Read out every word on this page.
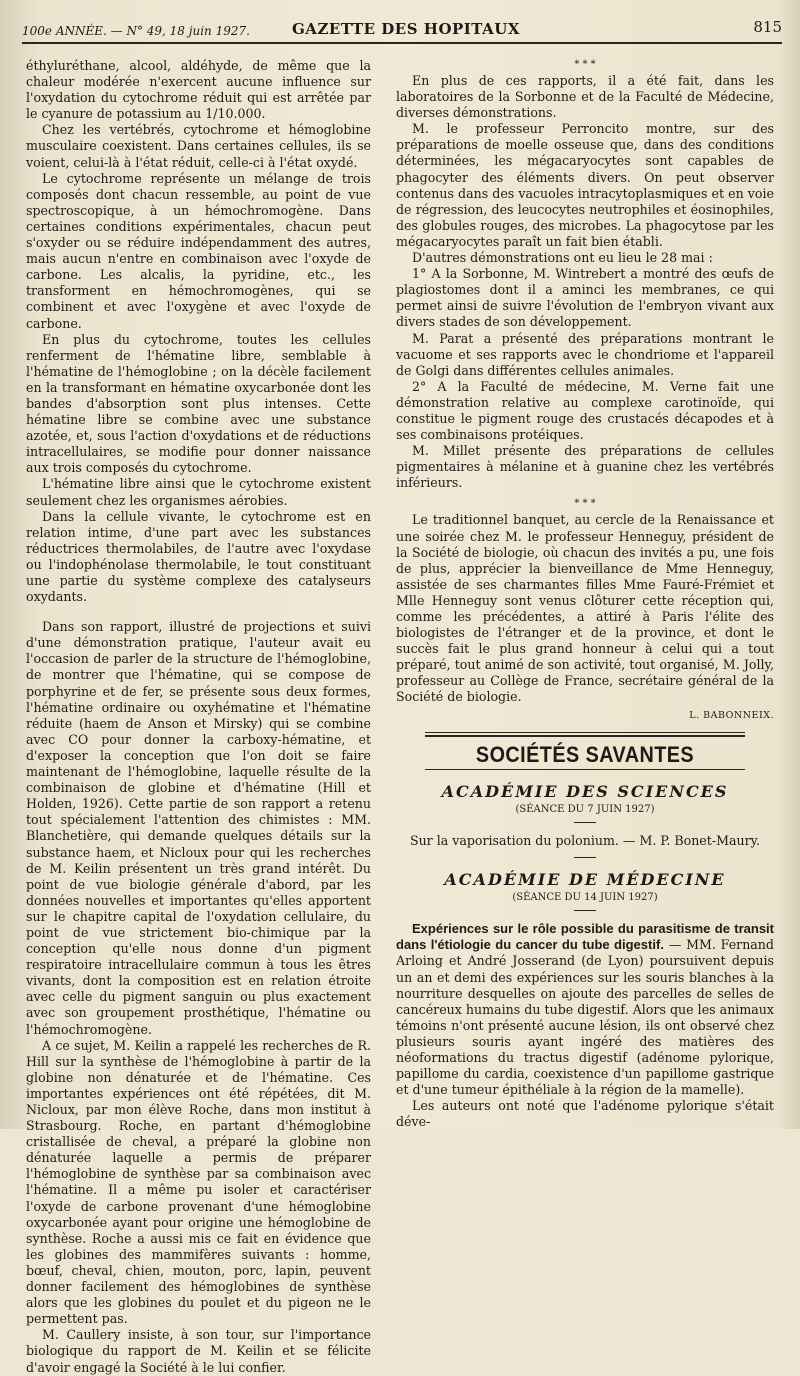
100e ANNÉE. — N° 49, 18 juin 1927.	GAZETTE DES HOPITAUX	815

éthyluréthane, alcool, aldéhyde, de même que la chaleur modérée n'exercent aucune influence sur l'oxydation du cytochrome réduit qui est arrêtée par le cyanure de potassium au 1/10.000.

Chez les vertébrés, cytochrome et hémoglobine musculaire coexistent. Dans certaines cellules, ils se voient, celui-là à l'état réduit, celle-ci à l'état oxydé.

Le cytochrome représente un mélange de trois composés dont chacun ressemble, au point de vue spectroscopique, à un hémochromogène. Dans certaines conditions expérimentales, chacun peut s'oxyder ou se réduire indépendamment des autres, mais aucun n'entre en combinaison avec l'oxyde de carbone. Les alcalis, la pyridine, etc., les transforment en hémochromogènes, qui se combinent et avec l'oxygène et avec l'oxyde de carbone.

En plus du cytochrome, toutes les cellules renferment de l'hématine libre, semblable à l'hématine de l'hémoglobine ; on la décèle facilement en la transformant en hématine oxycarbonée dont les bandes d'absorption sont plus intenses. Cette hématine libre se combine avec une substance azotée, et, sous l'action d'oxydations et de réductions intracellulaires, se modifie pour donner naissance aux trois composés du cytochrome.

L'hématine libre ainsi que le cytochrome existent seulement chez les organismes aérobies.

Dans la cellule vivante, le cytochrome est en relation intime, d'une part avec les substances réductrices thermolabiles, de l'autre avec l'oxydase ou l'indophénolase thermolabile, le tout constituant une partie du système complexe des catalyseurs oxydants.

Dans son rapport, illustré de projections et suivi d'une démonstration pratique, l'auteur avait eu l'occasion de parler de la structure de l'hémoglobine, de montrer que l'hématine, qui se compose de porphyrine et de fer, se présente sous deux formes, l'hématine ordinaire ou oxyhématine et l'hématine réduite (haem de Anson et Mirsky) qui se combine avec CO pour donner la carboxy-hématine, et d'exposer la conception que l'on doit se faire maintenant de l'hémoglobine, laquelle résulte de la combinaison de globine et d'hématine (Hill et Holden, 1926). Cette partie de son rapport a retenu tout spécialement l'attention des chimistes : MM. Blanchetière, qui demande quelques détails sur la substance haem, et Nicloux pour qui les recherches de M. Keilin présentent un très grand intérêt. Du point de vue biologie générale d'abord, par les données nouvelles et importantes qu'elles apportent sur le chapitre capital de l'oxydation cellulaire, du point de vue strictement bio-chimique par la conception qu'elle nous donne d'un pigment respiratoire intracellulaire commun à tous les êtres vivants, dont la composition est en relation étroite avec celle du pigment sanguin ou plus exactement avec son groupement prosthétique, l'hématine ou l'hémochromogène.

A ce sujet, M. Keilin a rappelé les recherches de R. Hill sur la synthèse de l'hémoglobine à partir de la globine non dénaturée et de l'hématine. Ces importantes expériences ont été répétées, dit M. Nicloux, par mon élève Roche, dans mon institut à Strasbourg. Roche, en partant d'hémoglobine cristallisée de cheval, a préparé la globine non dénaturée laquelle a permis de préparer l'hémoglobine de synthèse par sa combinaison avec l'hématine. Il a même pu isoler et caractériser l'oxyde de carbone provenant d'une hémoglobine oxycarbonée ayant pour origine une hémoglobine de synthèse. Roche a aussi mis ce fait en évidence que les globines des mammifères suivants : homme, bœuf, cheval, chien, mouton, porc, lapin, peuvent donner facilement des hémoglobines de synthèse alors que les globines du poulet et du pigeon ne le permettent pas.

M. Caullery insiste, à son tour, sur l'importance biologique du rapport de M. Keilin et se félicite d'avoir engagé la Société à le lui confier.

* * *

En plus de ces rapports, il a été fait, dans les laboratoires de la Sorbonne et de la Faculté de Médecine, diverses démonstrations.

M. le professeur Perroncito montre, sur des préparations de moelle osseuse que, dans des conditions déterminées, les mégacaryocytes sont capables de phagocyter des éléments divers. On peut observer contenus dans des vacuoles intracytoplasmiques et en voie de régression, des leucocytes neutrophiles et éosinophiles, des globules rouges, des microbes. La phagocytose par les mégacaryocytes paraît un fait bien établi.

D'autres démonstrations ont eu lieu le 28 mai :

1° A la Sorbonne, M. Wintrebert a montré des œufs de plagiostomes dont il a aminci les membranes, ce qui permet ainsi de suivre l'évolution de l'embryon vivant aux divers stades de son développement.

M. Parat a présenté des préparations montrant le vacuome et ses rapports avec le chondriome et l'appareil de Golgi dans différentes cellules animales.

2° A la Faculté de médecine, M. Verne fait une démonstration relative au complexe carotinoïde, qui constitue le pigment rouge des crustacés décapodes et à ses combinaisons protéiques.

M. Millet présente des préparations de cellules pigmentaires à mélanine et à guanine chez les vertébrés inférieurs.

* * *

Le traditionnel banquet, au cercle de la Renaissance et une soirée chez M. le professeur Henneguy, président de la Société de biologie, où chacun des invités a pu, une fois de plus, apprécier la bienveillance de Mme Henneguy, assistée de ses charmantes filles Mme Fauré-Frémiet et Mlle Henneguy sont venus clôturer cette réception qui, comme les précédentes, a attiré à Paris l'élite des biologistes de l'étranger et de la province, et dont le succès fait le plus grand honneur à celui qui a tout préparé, tout animé de son activité, tout organisé, M. Jolly, professeur au Collège de France, secrétaire général de la Société de biologie.

L. BABONNEIX.
SOCIÉTÉS SAVANTES
ACADÉMIE DES SCIENCES
(SÉANCE DU 7 JUIN 1927)

Sur la vaporisation du polonium. — M. P. Bonet-Maury.

ACADÉMIE DE MÉDECINE
(SÉANCE DU 14 JUIN 1927)

Expériences sur le rôle possible du parasitisme de transit dans l'étiologie du cancer du tube digestif. — MM. Fernand Arloing et André Josserand (de Lyon) poursuivent depuis un an et demi des expériences sur les souris blanches à la nourriture desquelles on ajoute des parcelles de selles de cancéreux humains du tube digestif. Alors que les animaux témoins n'ont présenté aucune lésion, ils ont observé chez plusieurs souris ayant ingéré des matières des néoformations du tractus digestif (adénome pylorique, papillome du cardia, coexistence d'un papillome gastrique et d'une tumeur épithéliale à la région de la mamelle).

Les auteurs ont noté que l'adénome pylorique s'était déve-
